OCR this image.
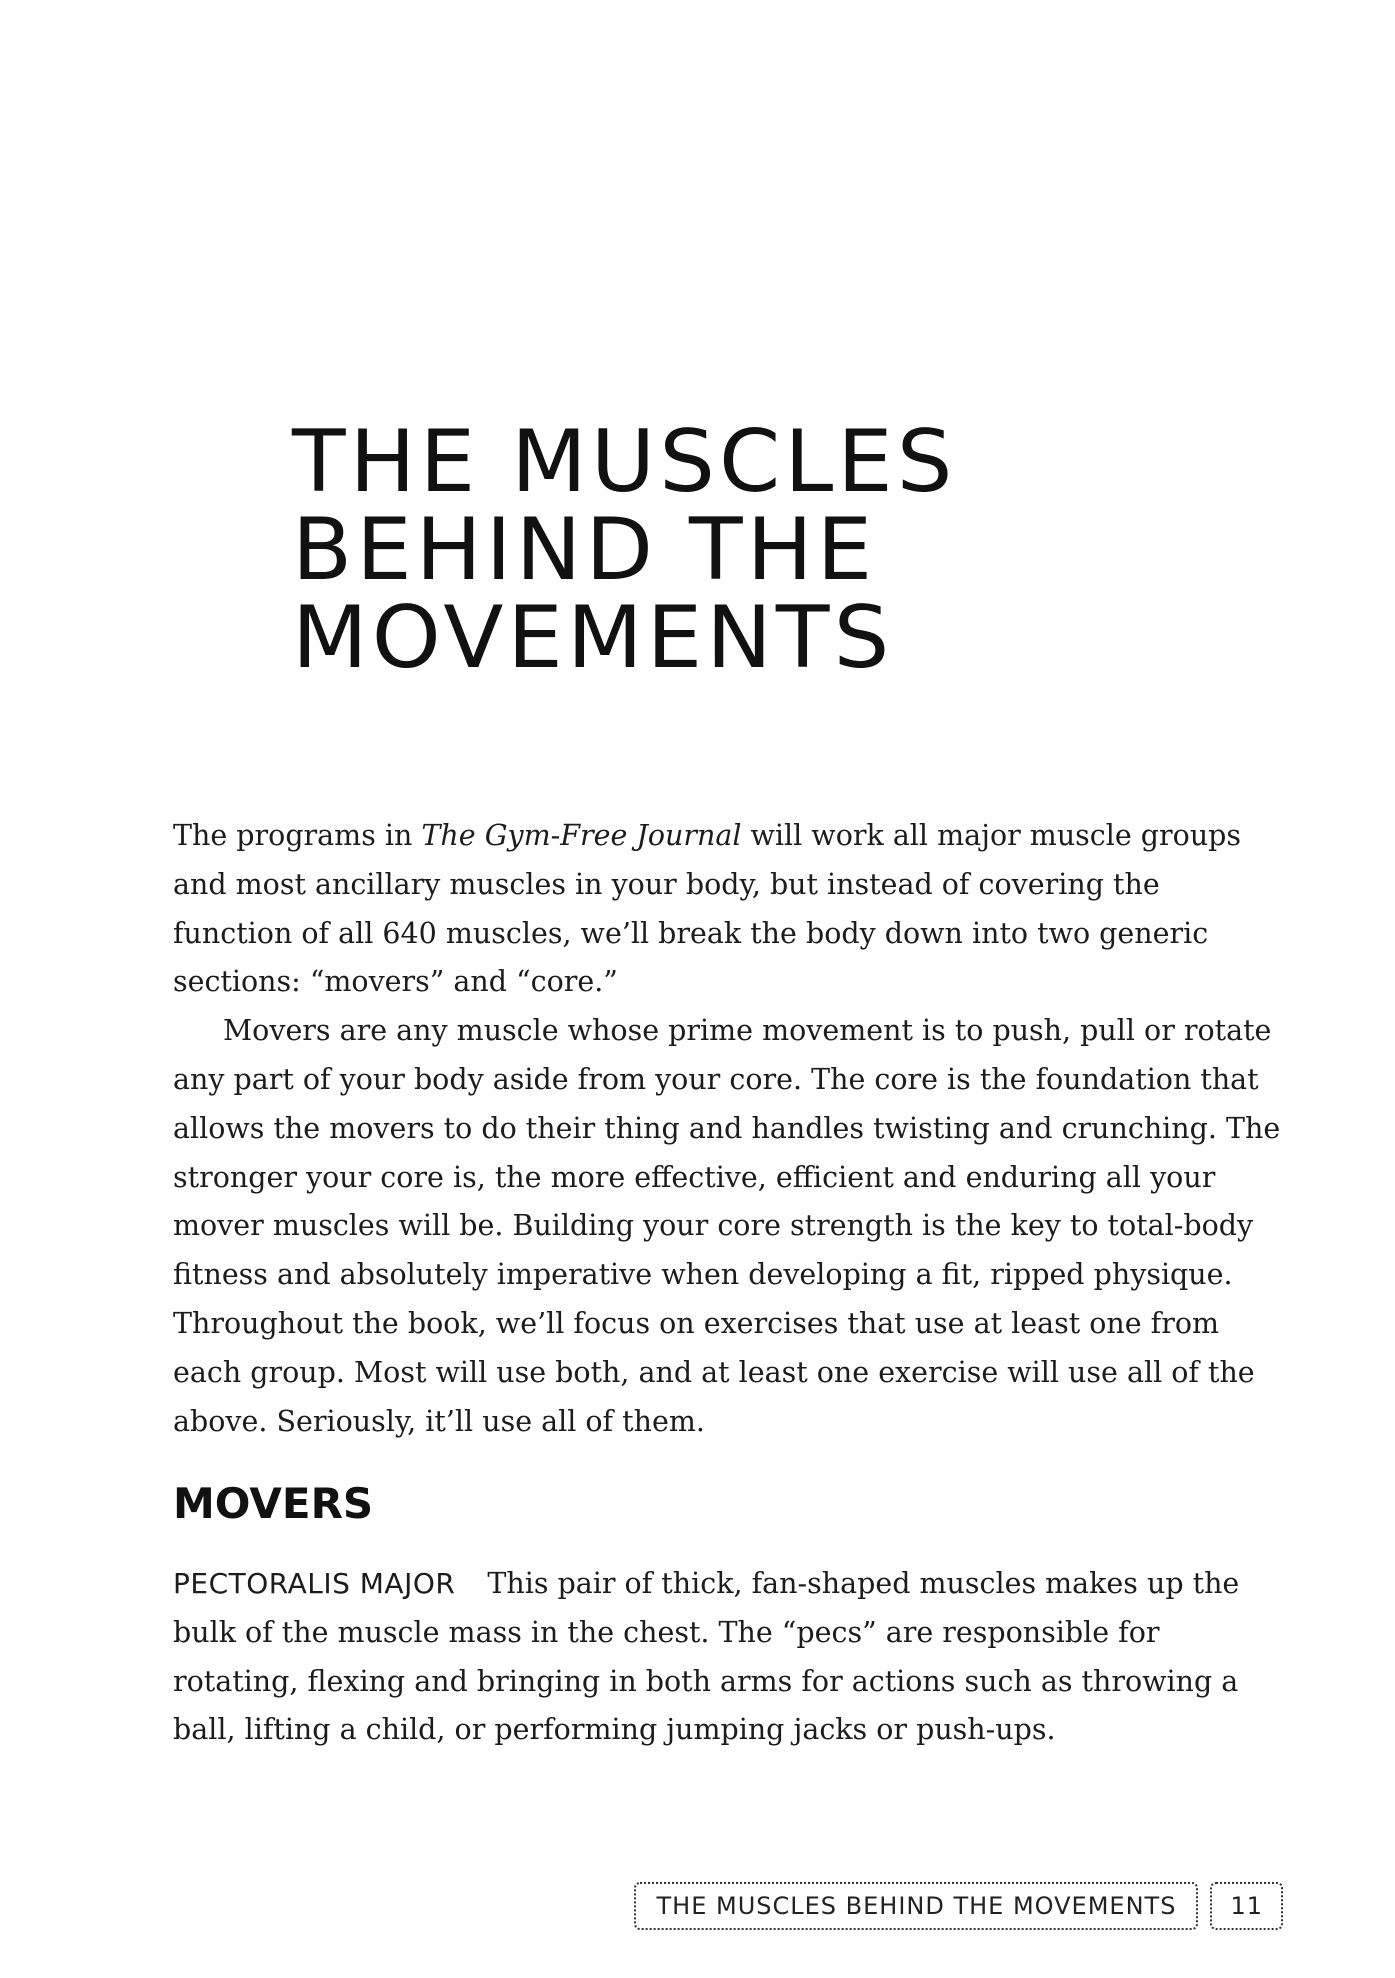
THE MUSCLES
BEHIND THE
MOVEMENTS

The programs in The Gym-Free Journal will work all major muscle groups and most ancillary muscles in your body, but instead of covering the function of all 640 muscles, we’ll break the body down into two generic sections: “movers” and “core.”

Movers are any muscle whose prime movement is to push, pull or rotate any part of your body aside from your core. The core is the foundation that allows the movers to do their thing and handles twisting and crunching. The stronger your core is, the more effective, efficient and enduring all your mover muscles will be. Building your core strength is the key to total-body fitness and absolutely imperative when developing a fit, ripped physique. Throughout the book, we’ll focus on exercises that use at least one from each group. Most will use both, and at least one exercise will use all of the above. Seriously, it’ll use all of them.

MOVERS

PECTORALIS MAJOR This pair of thick, fan-shaped muscles makes up the bulk of the muscle mass in the chest. The “pecs” are responsible for rotating, flexing and bringing in both arms for actions such as throwing a ball, lifting a child, or performing jumping jacks or push-ups.

THE MUSCLES BEHIND THE MOVEMENTS	11
